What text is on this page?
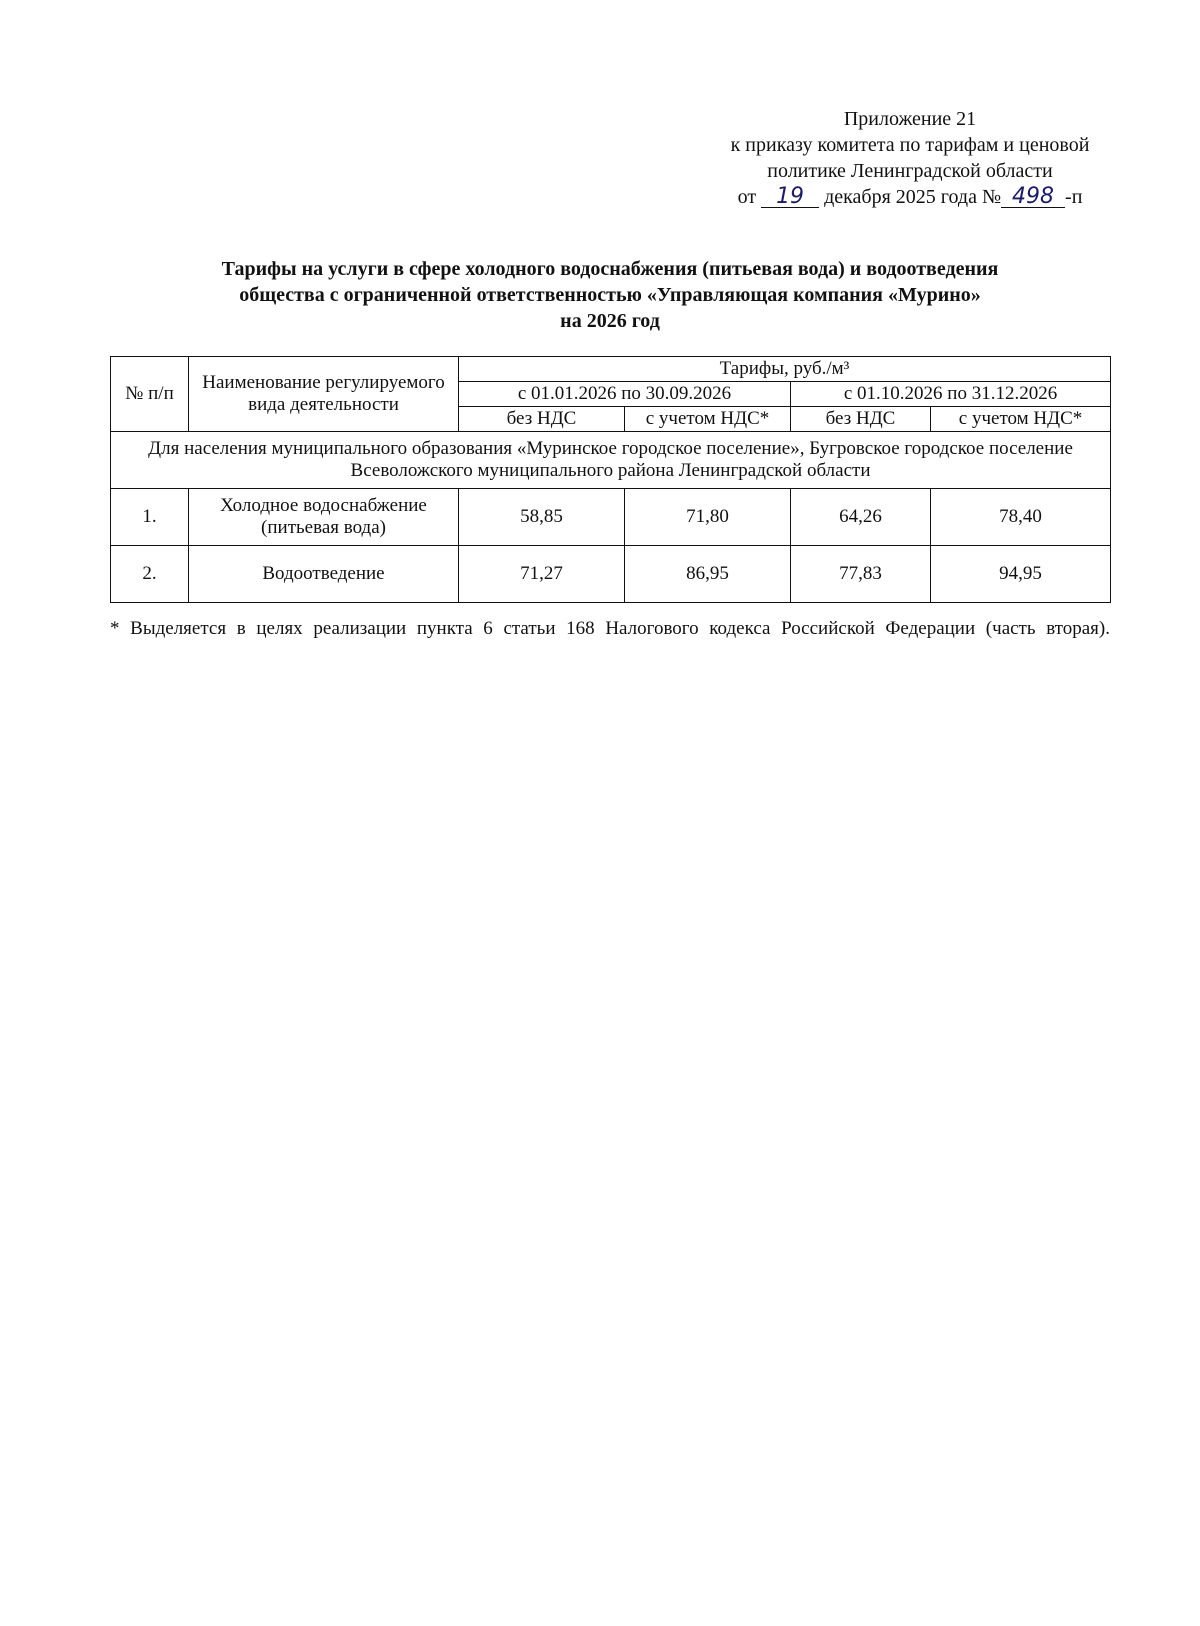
Приложение 21
к приказу комитета по тарифам и ценовой
политике Ленинградской области
от 19 декабря 2025 года № 498 -п
Тарифы на услуги в сфере холодного водоснабжения (питьевая вода) и водоотведения
общества с ограниченной ответственностью «Управляющая компания «Мурино»
на 2026 год
№ п/п	Наименование регулируемого вида деятельности	Тарифы, руб./м³			
		с 01.01.2026 по 30.09.2026		с 01.10.2026 по 31.12.2026	
		без НДС	с учетом НДС*	без НДС	с учетом НДС*
Для населения муниципального образования «Муринское городское поселение», Бугровское городское поселение Всеволожского муниципального района Ленинградской области					
1.	Холодное водоснабжение (питьевая вода)	58,85	71,80	64,26	78,40
2.	Водоотведение	71,27	86,95	77,83	94,95
* Выделяется в целях реализации пункта 6 статьи 168 Налогового кодекса Российской Федерации (часть вторая).
